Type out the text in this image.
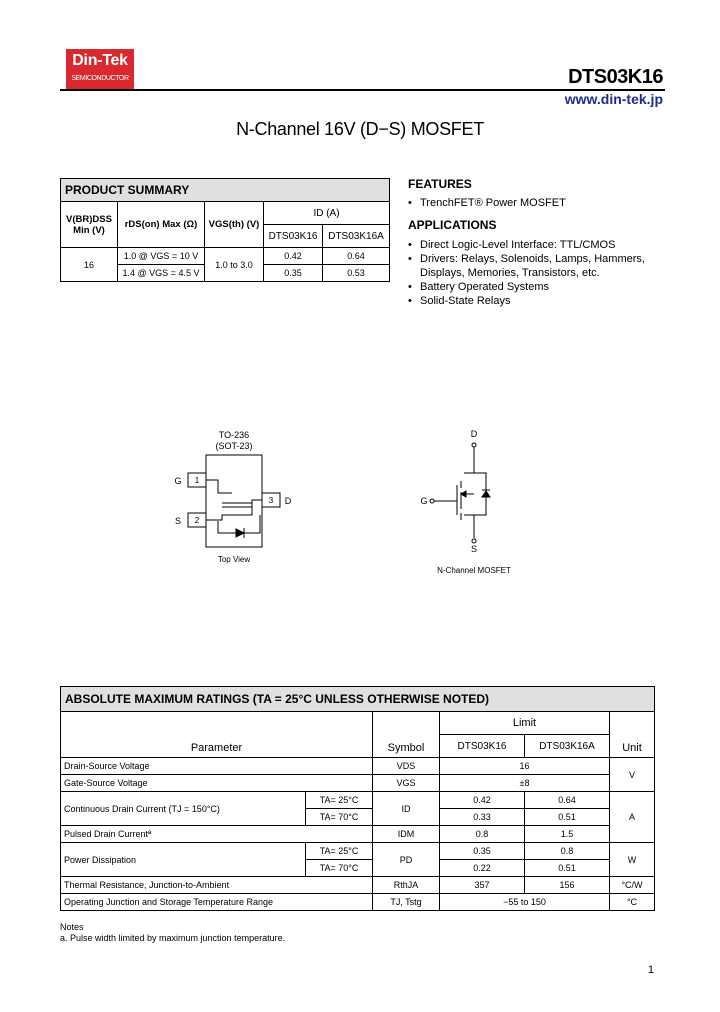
Din-Tek
SEMICONDUCTOR	DTS03K16
www.din-tek.jp
N-Channel 16V (D−S) MOSFET
PRODUCT SUMMARY				
V(BR)DSS Min (V)	rDS(on) Max (Ω)	VGS(th) (V)	ID (A)	
			DTS03K16	DTS03K16A
16	1.0 @ VGS = 10 V	1.0 to 3.0	0.42	0.64
	1.4 @ VGS = 4.5 V		0.35	0.53
FEATURES
• TrenchFET® Power MOSFET
APPLICATIONS
• Direct Logic-Level Interface: TTL/CMOS
• Drivers: Relays, Solenoids, Lamps, Hammers, Displays, Memories, Transistors, etc.
• Battery Operated Systems
• Solid-State Relays
TO-236
(SOT-23)
1
2
3
G
S
D
Top View
D
G
S
N-Channel MOSFET
ABSOLUTE MAXIMUM RATINGS (TA = 25°C UNLESS OTHERWISE NOTED)					
Parameter		Symbol	Limit		Unit
			DTS03K16	DTS03K16A	
Drain-Source Voltage		VDS	16		V
Gate-Source Voltage		VGS	±8		
Continuous Drain Current (TJ = 150°C)	TA= 25°C	ID	0.42	0.64	A
	TA= 70°C		0.33	0.51	
Pulsed Drain Currentª		IDM	0.8	1.5	
Power Dissipation	TA= 25°C	PD	0.35	0.8	W
	TA= 70°C		0.22	0.51	
Thermal Resistance, Junction-to-Ambient		RthJA	357	156	°C/W
Operating Junction and Storage Temperature Range		TJ, Tstg	−55 to 150		°C
Notes
a. Pulse width limited by maximum junction temperature.
1
